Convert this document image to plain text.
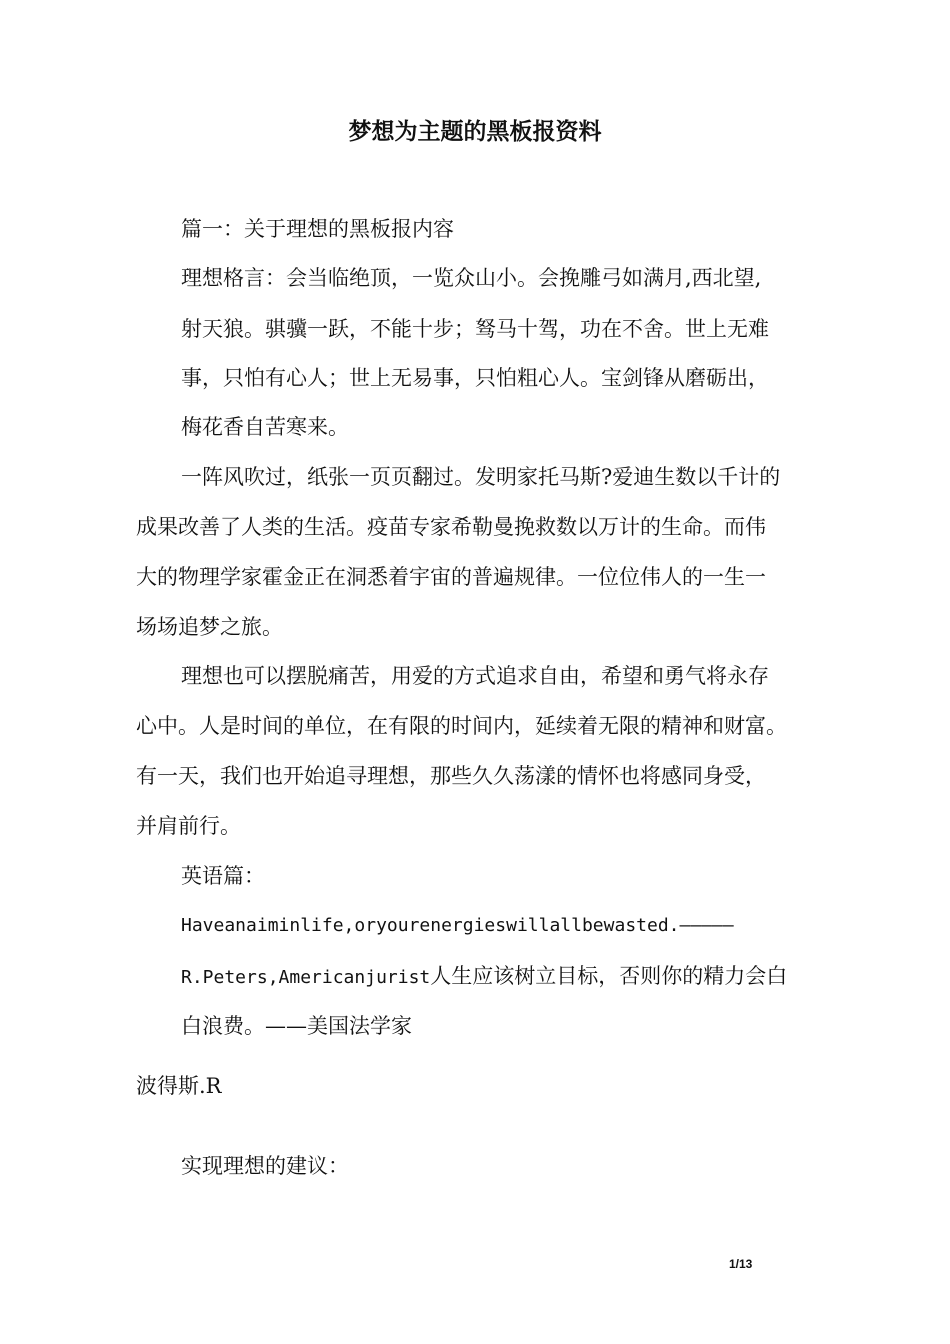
梦想为主题的黑板报资料
篇一：关于理想的黑板报内容
理想格言：会当临绝顶，一览众山小。会挽雕弓如满月,西北望,
射天狼。骐骥一跃，不能十步；驽马十驾，功在不舍。世上无难
事，只怕有心人；世上无易事，只怕粗心人。宝剑锋从磨砺出，
梅花香自苦寒来。
一阵风吹过，纸张一页页翻过。发明家托马斯?爱迪生数以千计的
成果改善了人类的生活。疫苗专家希勒曼挽救数以万计的生命。而伟
大的物理学家霍金正在洞悉着宇宙的普遍规律。一位位伟人的一生一
场场追梦之旅。
理想也可以摆脱痛苦，用爱的方式追求自由，希望和勇气将永存
心中。人是时间的单位，在有限的时间内，延续着无限的精神和财富。
有一天，我们也开始追寻理想，那些久久荡漾的情怀也将感同身受，
并肩前行。
英语篇：
Haveanaiminlife,oryourenergieswillallbewasted.—————
R.Peters,Americanjurist人生应该树立目标，否则你的精力会白
白浪费。——美国法学家
波得斯.R
实现理想的建议：
1/13
